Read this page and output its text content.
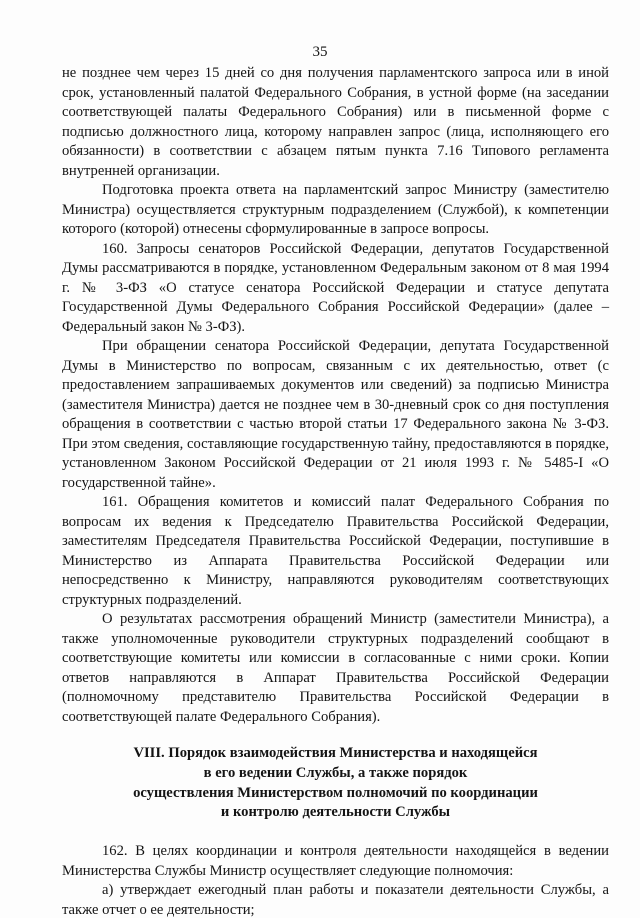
35

не позднее чем через 15 дней со дня получения парламентского запроса или в иной срок, установленный палатой Федерального Собрания, в устной форме (на заседании соответствующей палаты Федерального Собрания) или в письменной форме с подписью должностного лица, которому направлен запрос (лица, исполняющего его обязанности) в соответствии с абзацем пятым пункта 7.16 Типового регламента внутренней организации.

Подготовка проекта ответа на парламентский запрос Министру (заместителю Министра) осуществляется структурным подразделением (Службой), к компетенции которого (которой) отнесены сформулированные в запросе вопросы.

160. Запросы сенаторов Российской Федерации, депутатов Государственной Думы рассматриваются в порядке, установленном Федеральным законом от 8 мая 1994 г. № 3-ФЗ «О статусе сенатора Российской Федерации и статусе депутата Государственной Думы Федерального Собрания Российской Федерации» (далее – Федеральный закон № 3-ФЗ).

При обращении сенатора Российской Федерации, депутата Государственной Думы в Министерство по вопросам, связанным с их деятельностью, ответ (с предоставлением запрашиваемых документов или сведений) за подписью Министра (заместителя Министра) дается не позднее чем в 30-дневный срок со дня поступления обращения в соответствии с частью второй статьи 17 Федерального закона № 3-ФЗ. При этом сведения, составляющие государственную тайну, предоставляются в порядке, установленном Законом Российской Федерации от 21 июля 1993 г. № 5485-I «О государственной тайне».

161. Обращения комитетов и комиссий палат Федерального Собрания по вопросам их ведения к Председателю Правительства Российской Федерации, заместителям Председателя Правительства Российской Федерации, поступившие в Министерство из Аппарата Правительства Российской Федерации или непосредственно к Министру, направляются руководителям соответствующих структурных подразделений.

О результатах рассмотрения обращений Министр (заместители Министра), а также уполномоченные руководители структурных подразделений сообщают в соответствующие комитеты или комиссии в согласованные с ними сроки. Копии ответов направляются в Аппарат Правительства Российской Федерации (полномочному представителю Правительства Российской Федерации в соответствующей палате Федерального Собрания).

VIII. Порядок взаимодействия Министерства и находящейся
в его ведении Службы, а также порядок
осуществления Министерством полномочий по координации
и контролю деятельности Службы

162. В целях координации и контроля деятельности находящейся в ведении Министерства Службы Министр осуществляет следующие полномочия:

а) утверждает ежегодный план работы и показатели деятельности Службы, а также отчет о ее деятельности;
